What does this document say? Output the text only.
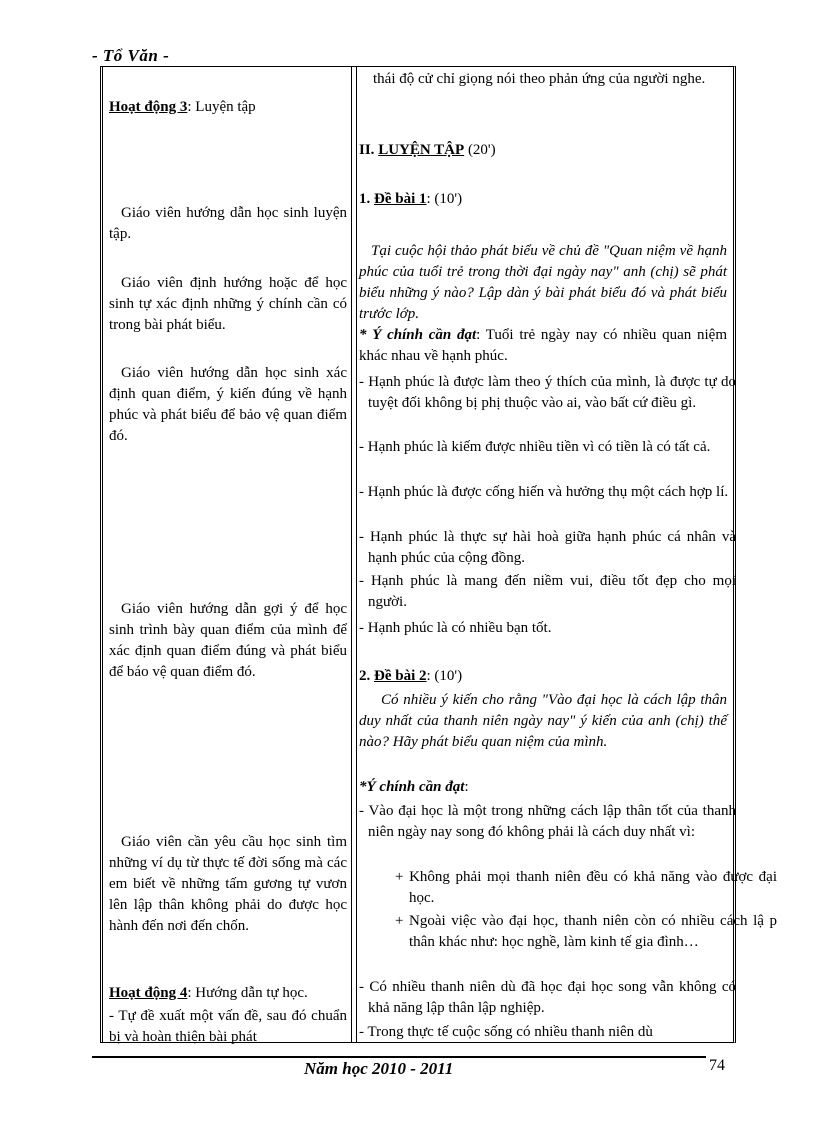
- Tổ Văn -
Hoạt động 3: Luyện tập
Giáo viên hướng dẫn học sinh luyện tập.
Giáo viên định hướng hoặc để học sinh tự xác định những ý chính cần có trong bài phát biểu.
Giáo viên hướng dẫn học sinh xác định quan điểm, ý kiến đúng về hạnh phúc và phát biểu để bảo vệ quan điểm đó.
Giáo viên hướng dẫn gợi ý để học sinh trình bày quan điểm của mình để xác định quan điểm đúng và phát biểu để báo vệ quan điểm đó.
Giáo viên cần yêu cầu học sinh tìm những ví dụ từ thực tế đời sống mà các em biết về những tấm gương tự vươn lên lập thân không phải do được học hành đến nơi đến chốn.
Hoạt động 4: Hướng dẫn tự học.
- Tự đề xuất một vấn đề, sau đó chuẩn bị và hoàn thiện bài phát
thái độ cử chỉ giọng nói theo phản ứng của người nghe.
II. LUYỆN TẬP (20')
1. Đề bài 1: (10')
Tại cuộc hội thảo phát biểu về chủ đề "Quan niệm về hạnh phúc của tuổi trẻ trong thời đại ngày nay" anh (chị) sẽ phát biểu những ý nào? Lập dàn ý bài phát biểu đó và phát biểu trước lớp.
* Ý chính cần đạt: Tuổi trẻ ngày nay có nhiều quan niệm khác nhau về hạnh phúc.
- Hạnh phúc là được làm theo ý thích của mình, là được tự do tuyệt đối không bị phị thuộc vào ai, vào bất cứ điều gì.
- Hạnh phúc là kiếm được nhiều tiền vì có tiền là có tất cả.
- Hạnh phúc là được cống hiến và hưởng thụ một cách hợp lí.
- Hạnh phúc là thực sự hài hoà giữa hạnh phúc cá nhân và hạnh phúc của cộng đồng.
- Hạnh phúc là mang đến niềm vui, điều tốt đẹp cho mọi người.
- Hạnh phúc là có nhiều bạn tốt.
2. Đề bài 2: (10')
Có nhiều ý kiến cho rằng "Vào đại học là cách lập thân duy nhất của thanh niên ngày nay" ý kiến của anh (chị) thế nào? Hãy phát biểu quan niệm của mình.
*Ý chính cần đạt:
- Vào đại học là một trong những cách lập thân tốt của thanh niên ngày nay song đó không phải là cách duy nhất vì:
+ Không phải mọi thanh niên đều có khả năng vào được đại học.
+ Ngoài việc vào đại học, thanh niên còn có nhiều cách lậ p thân khác như: học nghề, làm kinh tế gia đình…
- Có nhiều thanh niên dù đã học đại học song vẫn không có khả năng lập thân lập nghiệp.
- Trong thực tế cuộc sống có nhiều thanh niên dù
Năm học 2010 - 2011	74
